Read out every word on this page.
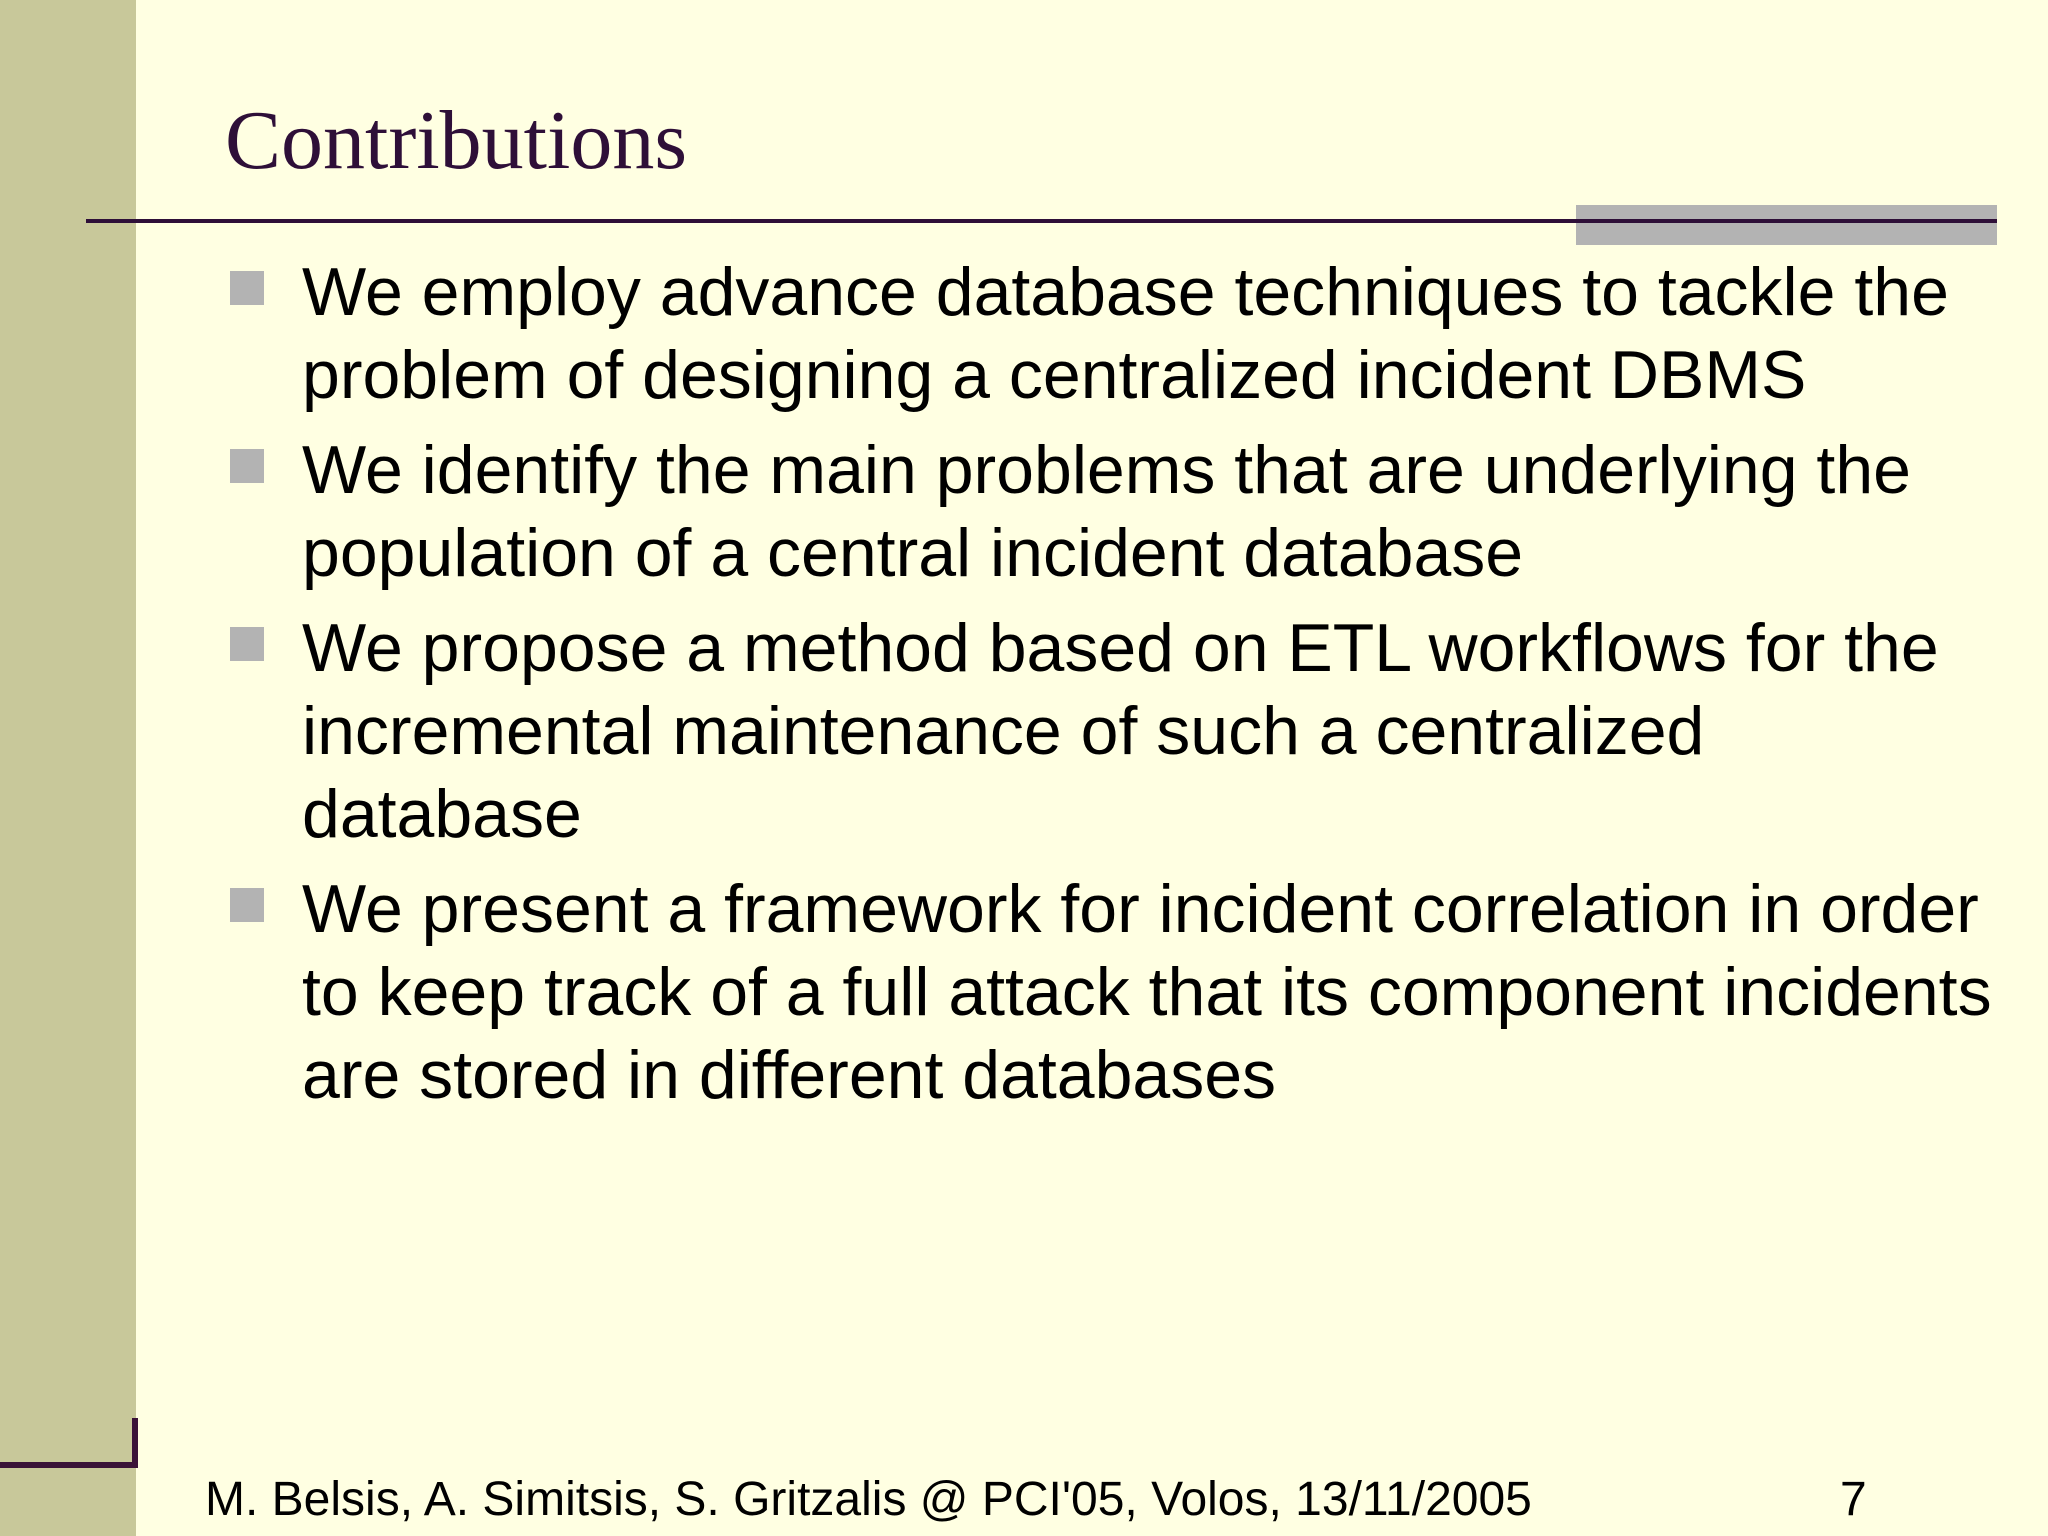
Contributions
We employ advance database techniques to tackle the problem of designing a centralized incident DBMS
We identify the main problems that are underlying the population of a central incident database
We propose a method based on ETL workflows for the incremental maintenance of such a centralized database
We present a framework for incident correlation in order to keep track of a full attack that its component incidents are stored in different databases
M. Belsis, A. Simitsis, S. Gritzalis @ PCI'05, Volos, 13/11/2005	7
